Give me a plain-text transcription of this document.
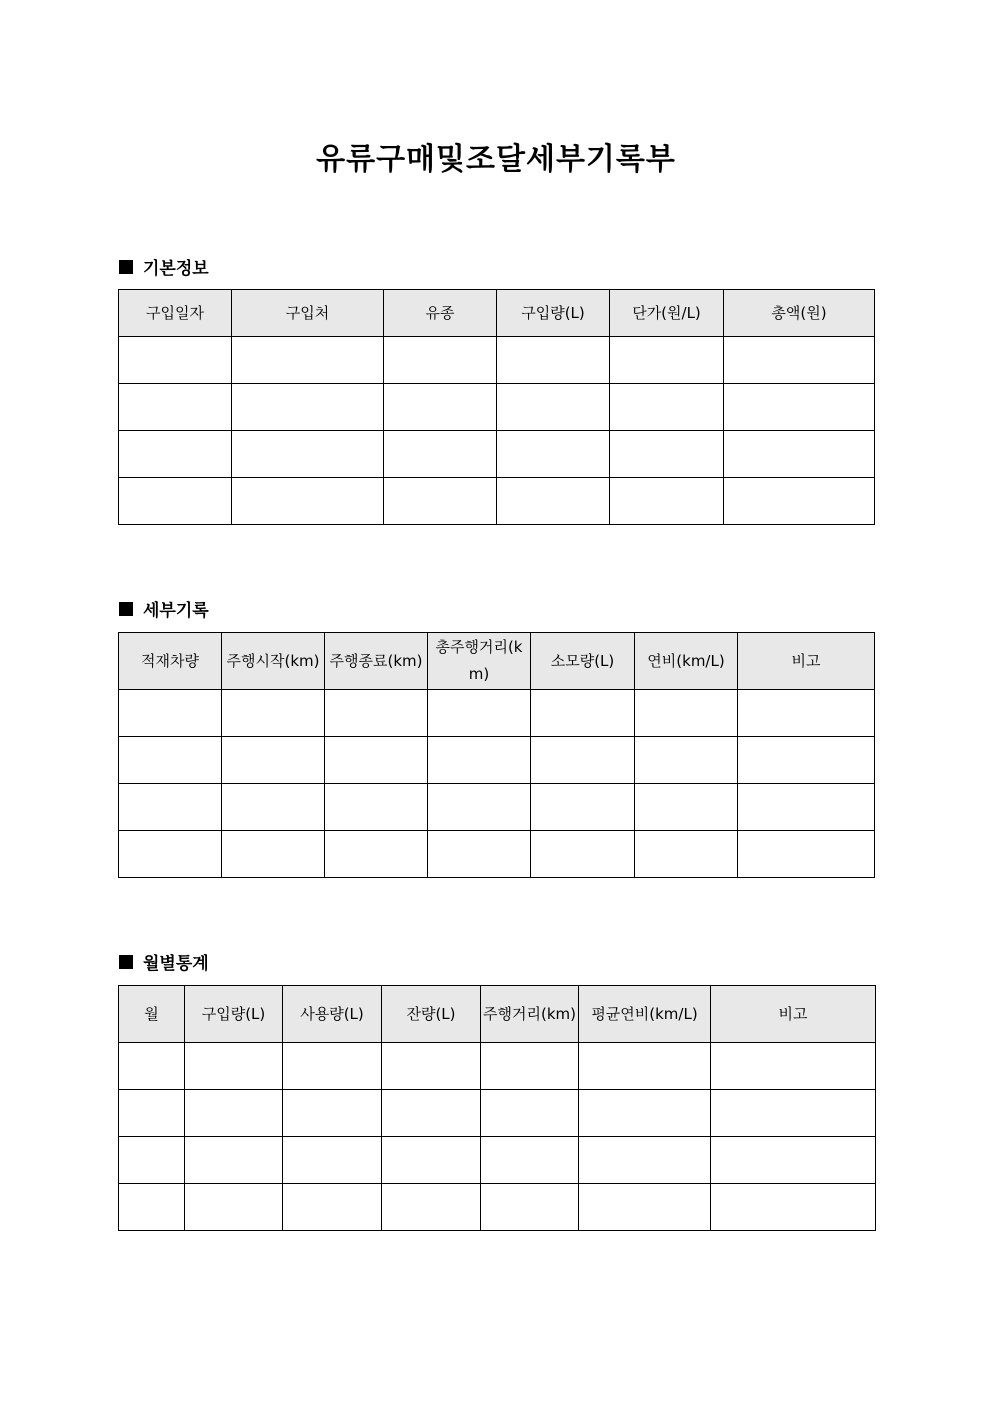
유류구매및조달세부기록부
기본정보
구입일자	구입처	유종	구입량(L)	단가(원/L)	총액(원)

세부기록
적재차량	주행시작(km)	주행종료(km)	총주행거리(km)	소모량(L)	연비(km/L)	비고

월별통계
월	구입량(L)	사용량(L)	잔량(L)	주행거리(km)	평균연비(km/L)	비고
